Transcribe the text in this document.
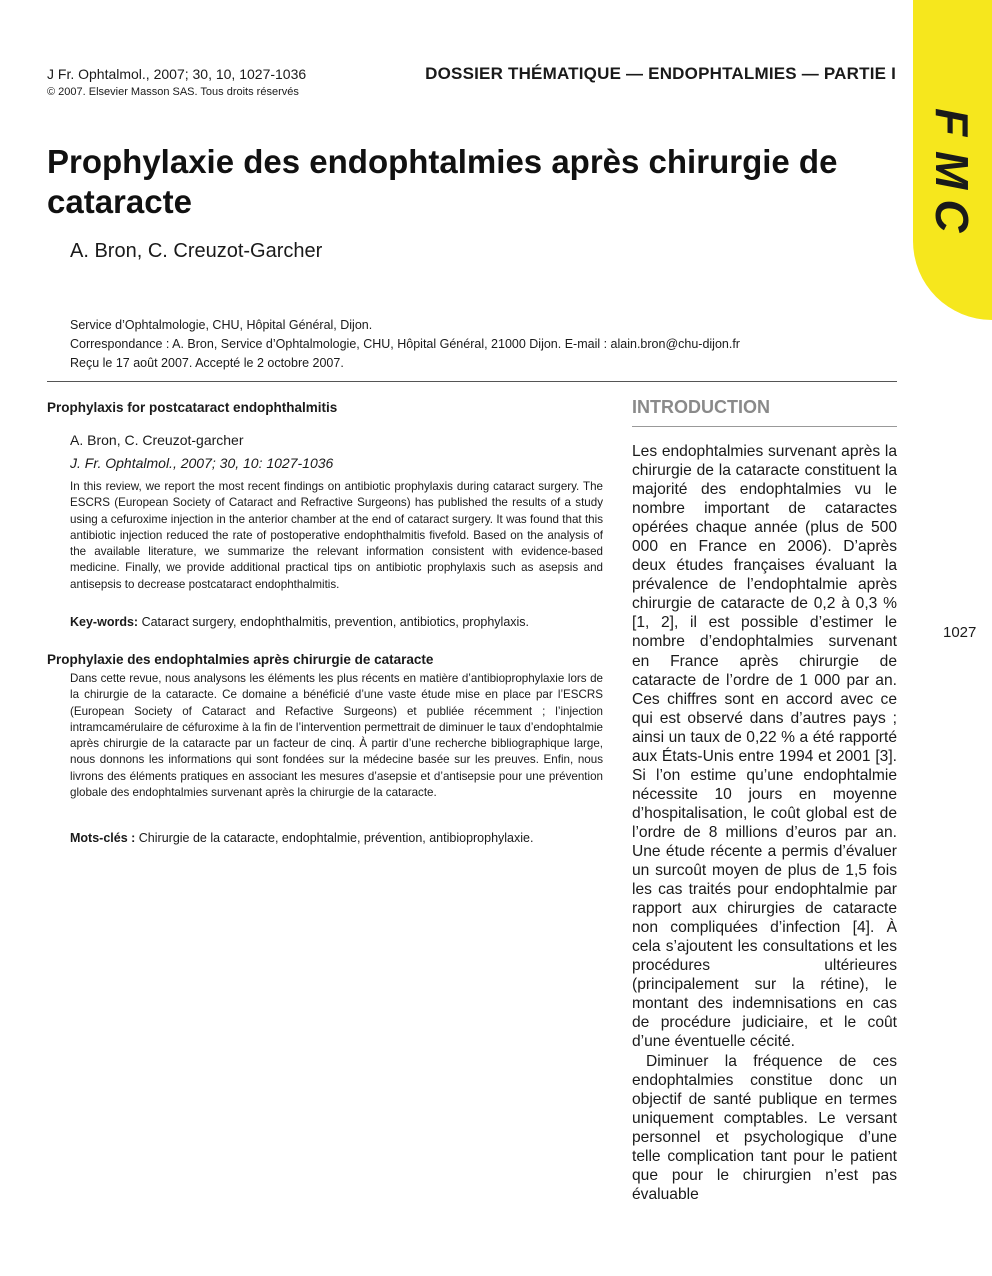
J Fr. Ophtalmol., 2007; 30, 10, 1027-1036
© 2007. Elsevier Masson SAS. Tous droits réservés
DOSSIER THÉMATIQUE — ENDOPHTALMIES — PARTIE I
F
M
C
Prophylaxie des endophtalmies après chirurgie de cataracte
A. Bron, C. Creuzot-Garcher
Service d’Ophtalmologie, CHU, Hôpital Général, Dijon.
Correspondance : A. Bron, Service d’Ophtalmologie, CHU, Hôpital Général, 21000 Dijon. E-mail : alain.bron@chu-dijon.fr
Reçu le 17 août 2007. Accepté le 2 octobre 2007.
Prophylaxis for postcataract endophthalmitis
A. Bron, C. Creuzot-garcher
J. Fr. Ophtalmol., 2007; 30, 10: 1027-1036

In this review, we report the most recent findings on antibiotic prophylaxis during cataract surgery. The ESCRS (European Society of Cataract and Refractive Surgeons) has published the results of a study using a cefuroxime injection in the anterior chamber at the end of cataract surgery. It was found that this antibiotic injection reduced the rate of postoperative endophthalmitis fivefold. Based on the analysis of the available literature, we summarize the relevant information consistent with evidence-based medicine. Finally, we provide additional practical tips on antibiotic prophylaxis such as asepsis and antisepsis to decrease postcataract endophthalmitis.

Key-words: Cataract surgery, endophthalmitis, prevention, antibiotics, prophylaxis.
Prophylaxie des endophtalmies après chirurgie de cataracte

Dans cette revue, nous analysons les éléments les plus récents en matière d’antibioprophylaxie lors de la chirurgie de la cataracte. Ce domaine a bénéficié d’une vaste étude mise en place par l’ESCRS (European Society of Cataract and Refactive Surgeons) et publiée récemment ; l’injection intramcamérulaire de céfuroxime à la fin de l’intervention permettrait de diminuer le taux d’endophtalmie après chirurgie de la cataracte par un facteur de cinq. À partir d’une recherche bibliographique large, nous donnons les informations qui sont fondées sur la médecine basée sur les preuves. Enfin, nous livrons des éléments pratiques en associant les mesures d’asepsie et d’antisepsie pour une prévention globale des endophtalmies survenant après la chirurgie de la cataracte.

Mots-clés : Chirurgie de la cataracte, endophtalmie, prévention, antibioprophylaxie.
INTRODUCTION

Les endophtalmies survenant après la chirurgie de la cataracte constituent la majorité des endophtalmies vu le nombre important de cataractes opérées chaque année (plus de 500 000 en France en 2006). D’après deux études françaises évaluant la prévalence de l’endophtalmie après chirurgie de cataracte de 0,2 à 0,3 % [1, 2], il est possible d’estimer le nombre d’endophtalmies survenant en France après chirurgie de cataracte de l’ordre de 1 000 par an. Ces chiffres sont en accord avec ce qui est observé dans d’autres pays ; ainsi un taux de 0,22 % a été rapporté aux États-Unis entre 1994 et 2001 [3]. Si l’on estime qu’une endophtalmie nécessite 10 jours en moyenne d’hospitalisation, le coût global est de l’ordre de 8 millions d’euros par an. Une étude récente a permis d’évaluer un surcoût moyen de plus de 1,5 fois les cas traités pour endophtalmie par rapport aux chirurgies de cataracte non compliquées d’infection [4]. À cela s’ajoutent les consultations et les procédures ultérieures (principalement sur la rétine), le montant des indemnisations en cas de procédure judiciaire, et le coût d’une éventuelle cécité.

Diminuer la fréquence de ces endophtalmies constitue donc un objectif de santé publique en termes uniquement comptables. Le versant personnel et psychologique d’une telle complication tant pour le patient que pour le chirurgien n’est pas évaluable

1027
